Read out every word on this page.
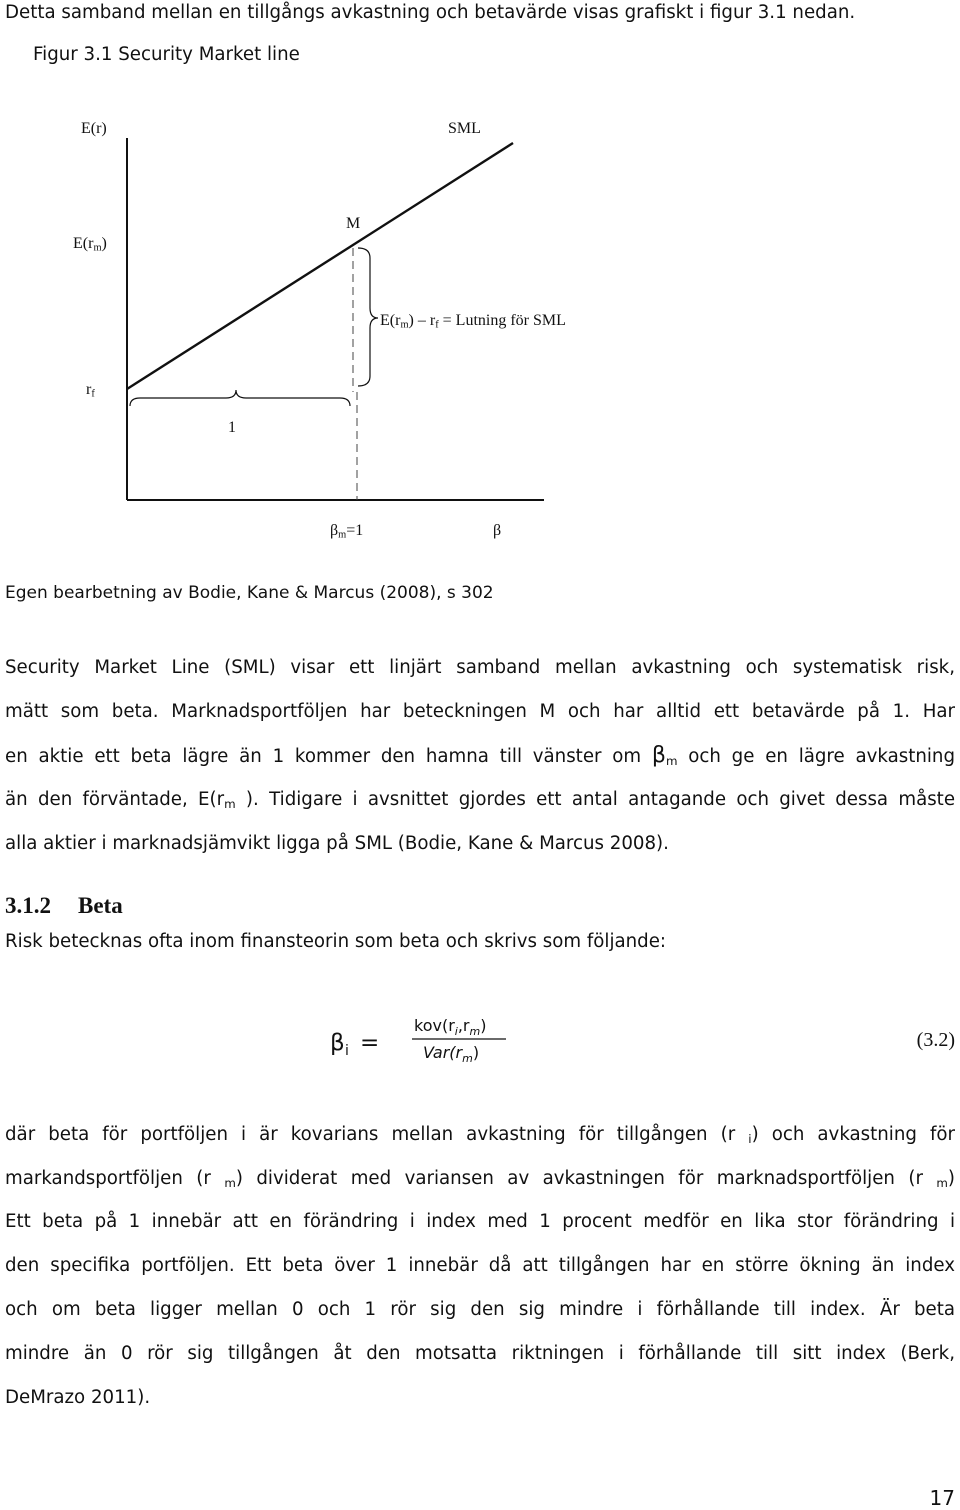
Detta samband mellan en tillgångs avkastning och betavärde visas grafiskt i figur 3.1 nedan.
Figur 3.1 Security Market line
E(r)	SML
M
$E(r_m)$
$E(r_m) - r_f$ = Lutning för SML
$r_f$
1
$\beta_m=1$	β
Egen bearbetning av Bodie, Kane & Marcus (2008), s 302
Security Market Line (SML) visar ett linjärt samband mellan avkastning och systematisk risk,
mätt som beta. Marknadsportföljen har beteckningen M och har alltid ett betavärde på 1. Har
en aktie ett beta lägre än 1 kommer den hamna till vänster om $\beta_m$ och ge en lägre avkastning
än den förväntade, $E(r_m$ ). Tidigare i avsnittet gjordes ett antal antagande och givet dessa måste
alla aktier i marknadsjämvikt ligga på SML (Bodie, Kane & Marcus 2008).
3.1.2 Beta
Risk betecknas ofta inom finansteorin som beta och skrivs som följande:
β i =
$kov(r_i,r_m)$
$Var(r_m)$
(3.2)
där beta för portföljen i är kovarians mellan avkastning för tillgången (r $_i$) och avkastning för
markandsportföljen (r $_m$) dividerat med variansen av avkastningen för marknadsportföljen (r $_m$)
Ett beta på 1 innebär att en förändring i index med 1 procent medför en lika stor förändring i
den specifika portföljen. Ett beta över 1 innebär då att tillgången har en större ökning än index
och om beta ligger mellan 0 och 1 rör sig den sig mindre i förhållande till index. Är beta
mindre än 0 rör sig tillgången åt den motsatta riktningen i förhållande till sitt index (Berk,
DeMrazo 2011).
17
